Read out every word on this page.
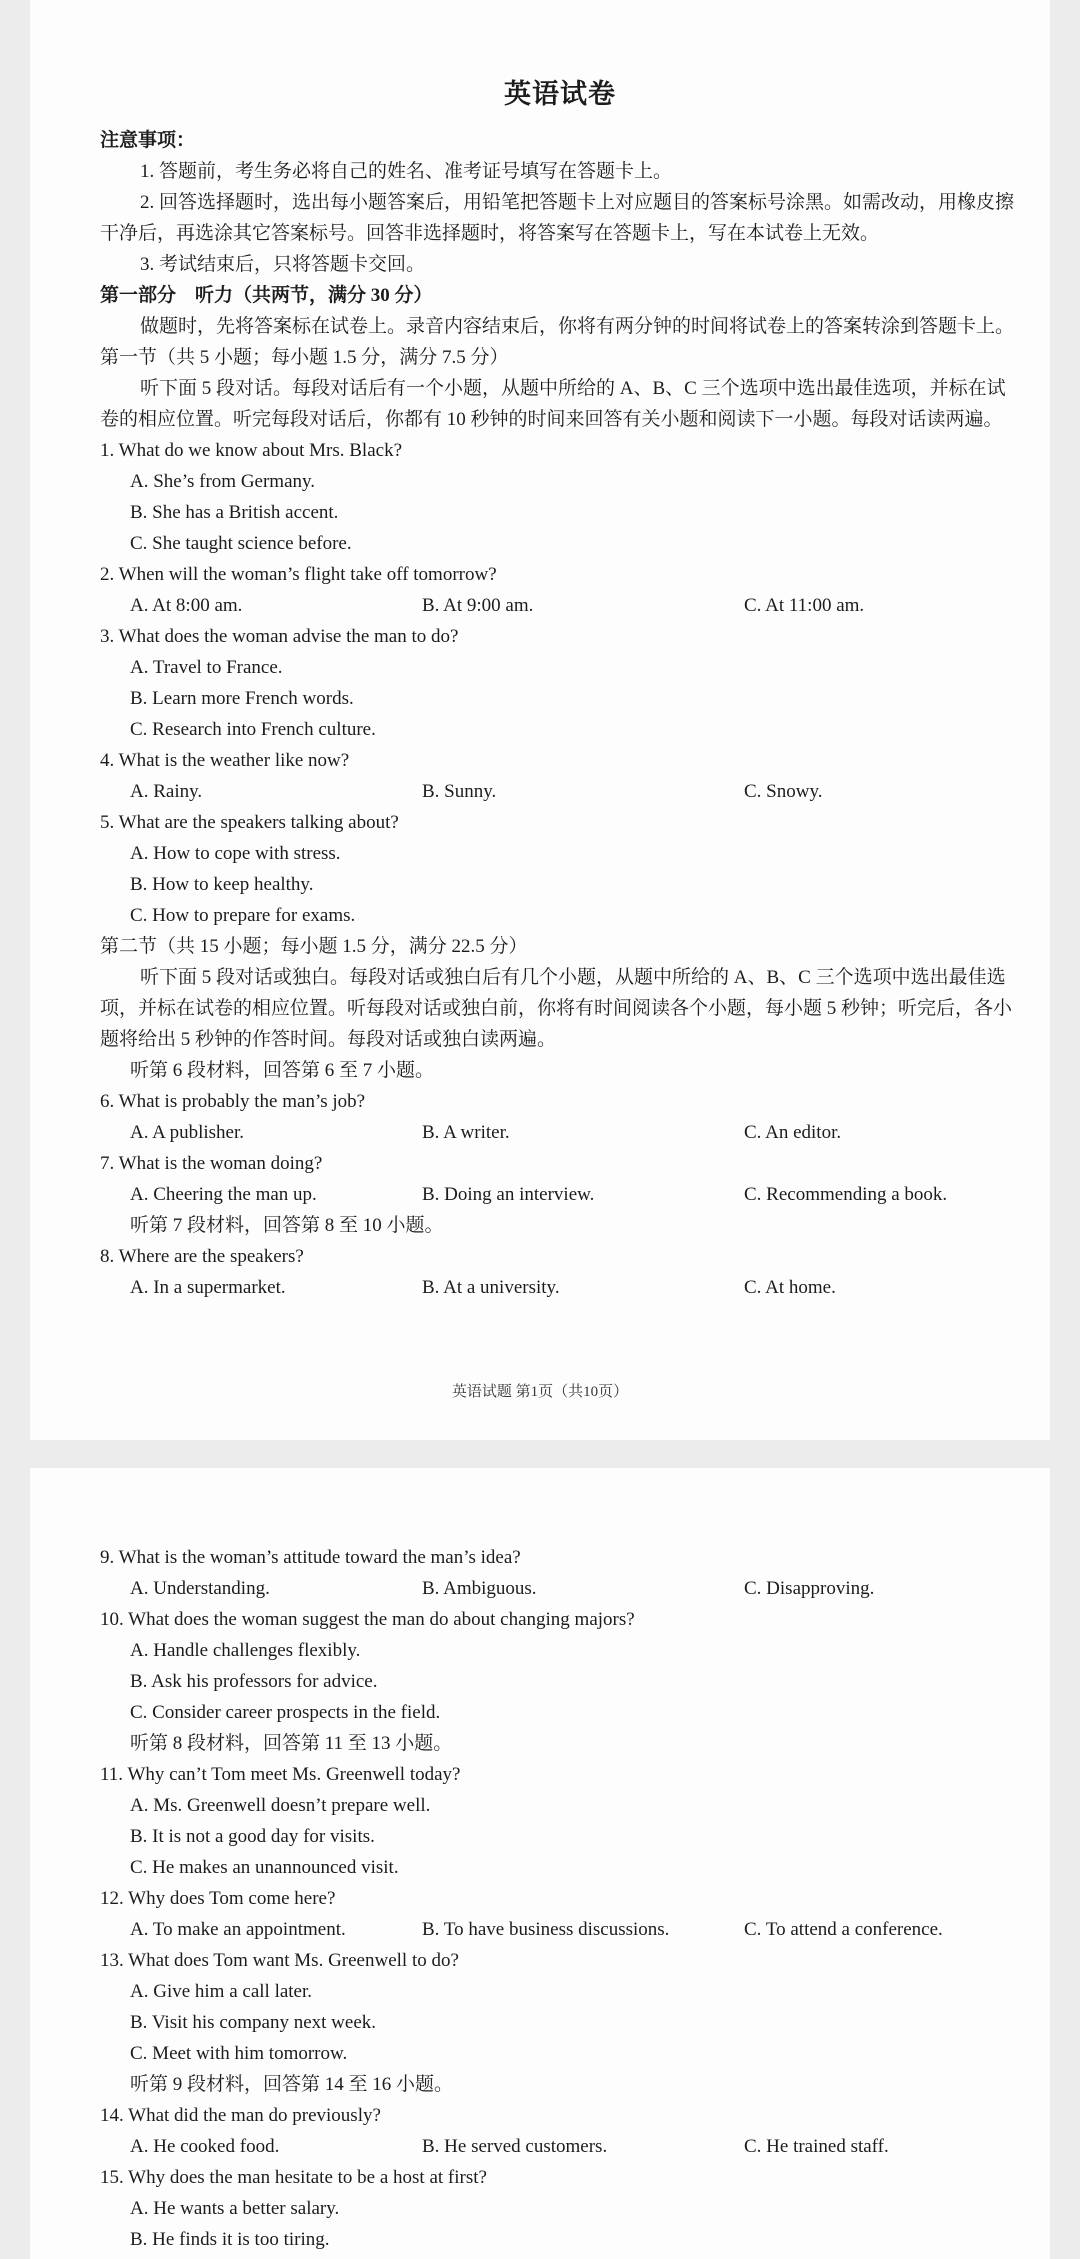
英语试卷

注意事项：

1. 答题前，考生务必将自己的姓名、准考证号填写在答题卡上。

2. 回答选择题时，选出每小题答案后，用铅笔把答题卡上对应题目的答案标号涂黑。如需改动，用橡皮擦干净后，再选涂其它答案标号。回答非选择题时，将答案写在答题卡上，写在本试卷上无效。

3. 考试结束后，只将答题卡交回。

第一部分　听力（共两节，满分 30 分）

做题时，先将答案标在试卷上。录音内容结束后，你将有两分钟的时间将试卷上的答案转涂到答题卡上。

第一节（共 5 小题；每小题 1.5 分，满分 7.5 分）

听下面 5 段对话。每段对话后有一个小题，从题中所给的 A、B、C 三个选项中选出最佳选项，并标在试卷的相应位置。听完每段对话后，你都有 10 秒钟的时间来回答有关小题和阅读下一小题。每段对话读两遍。

1. What do we know about Mrs. Black?

A. She’s from Germany.

B. She has a British accent.

C. She taught science before.

2. When will the woman’s flight take off tomorrow?

A. At 8:00 am.	B. At 9:00 am.	C. At 11:00 am.

3. What does the woman advise the man to do?

A. Travel to France.

B. Learn more French words.

C. Research into French culture.

4. What is the weather like now?

A. Rainy.	B. Sunny.	C. Snowy.

5. What are the speakers talking about?

A. How to cope with stress.

B. How to keep healthy.

C. How to prepare for exams.

第二节（共 15 小题；每小题 1.5 分，满分 22.5 分）

听下面 5 段对话或独白。每段对话或独白后有几个小题，从题中所给的 A、B、C 三个选项中选出最佳选项，并标在试卷的相应位置。听每段对话或独白前，你将有时间阅读各个小题，每小题 5 秒钟；听完后，各小题将给出 5 秒钟的作答时间。每段对话或独白读两遍。

听第 6 段材料，回答第 6 至 7 小题。

6. What is probably the man’s job?

A. A publisher.	B. A writer.	C. An editor.

7. What is the woman doing?

A. Cheering the man up.	B. Doing an interview.	C. Recommending a book.

听第 7 段材料，回答第 8 至 10 小题。

8. Where are the speakers?

A. In a supermarket.	B. At a university.	C. At home.
英语试题 第1页（共10页）

9. What is the woman’s attitude toward the man’s idea?

A. Understanding.	B. Ambiguous.	C. Disapproving.

10. What does the woman suggest the man do about changing majors?

A. Handle challenges flexibly.

B. Ask his professors for advice.

C. Consider career prospects in the field.

听第 8 段材料，回答第 11 至 13 小题。

11. Why can’t Tom meet Ms. Greenwell today?

A. Ms. Greenwell doesn’t prepare well.

B. It is not a good day for visits.

C. He makes an unannounced visit.

12. Why does Tom come here?

A. To make an appointment.	B. To have business discussions.	C. To attend a conference.

13. What does Tom want Ms. Greenwell to do?

A. Give him a call later.

B. Visit his company next week.

C. Meet with him tomorrow.

听第 9 段材料，回答第 14 至 16 小题。

14. What did the man do previously?

A. He cooked food.	B. He served customers.	C. He trained staff.

15. Why does the man hesitate to be a host at first?

A. He wants a better salary.

B. He finds it is too tiring.
